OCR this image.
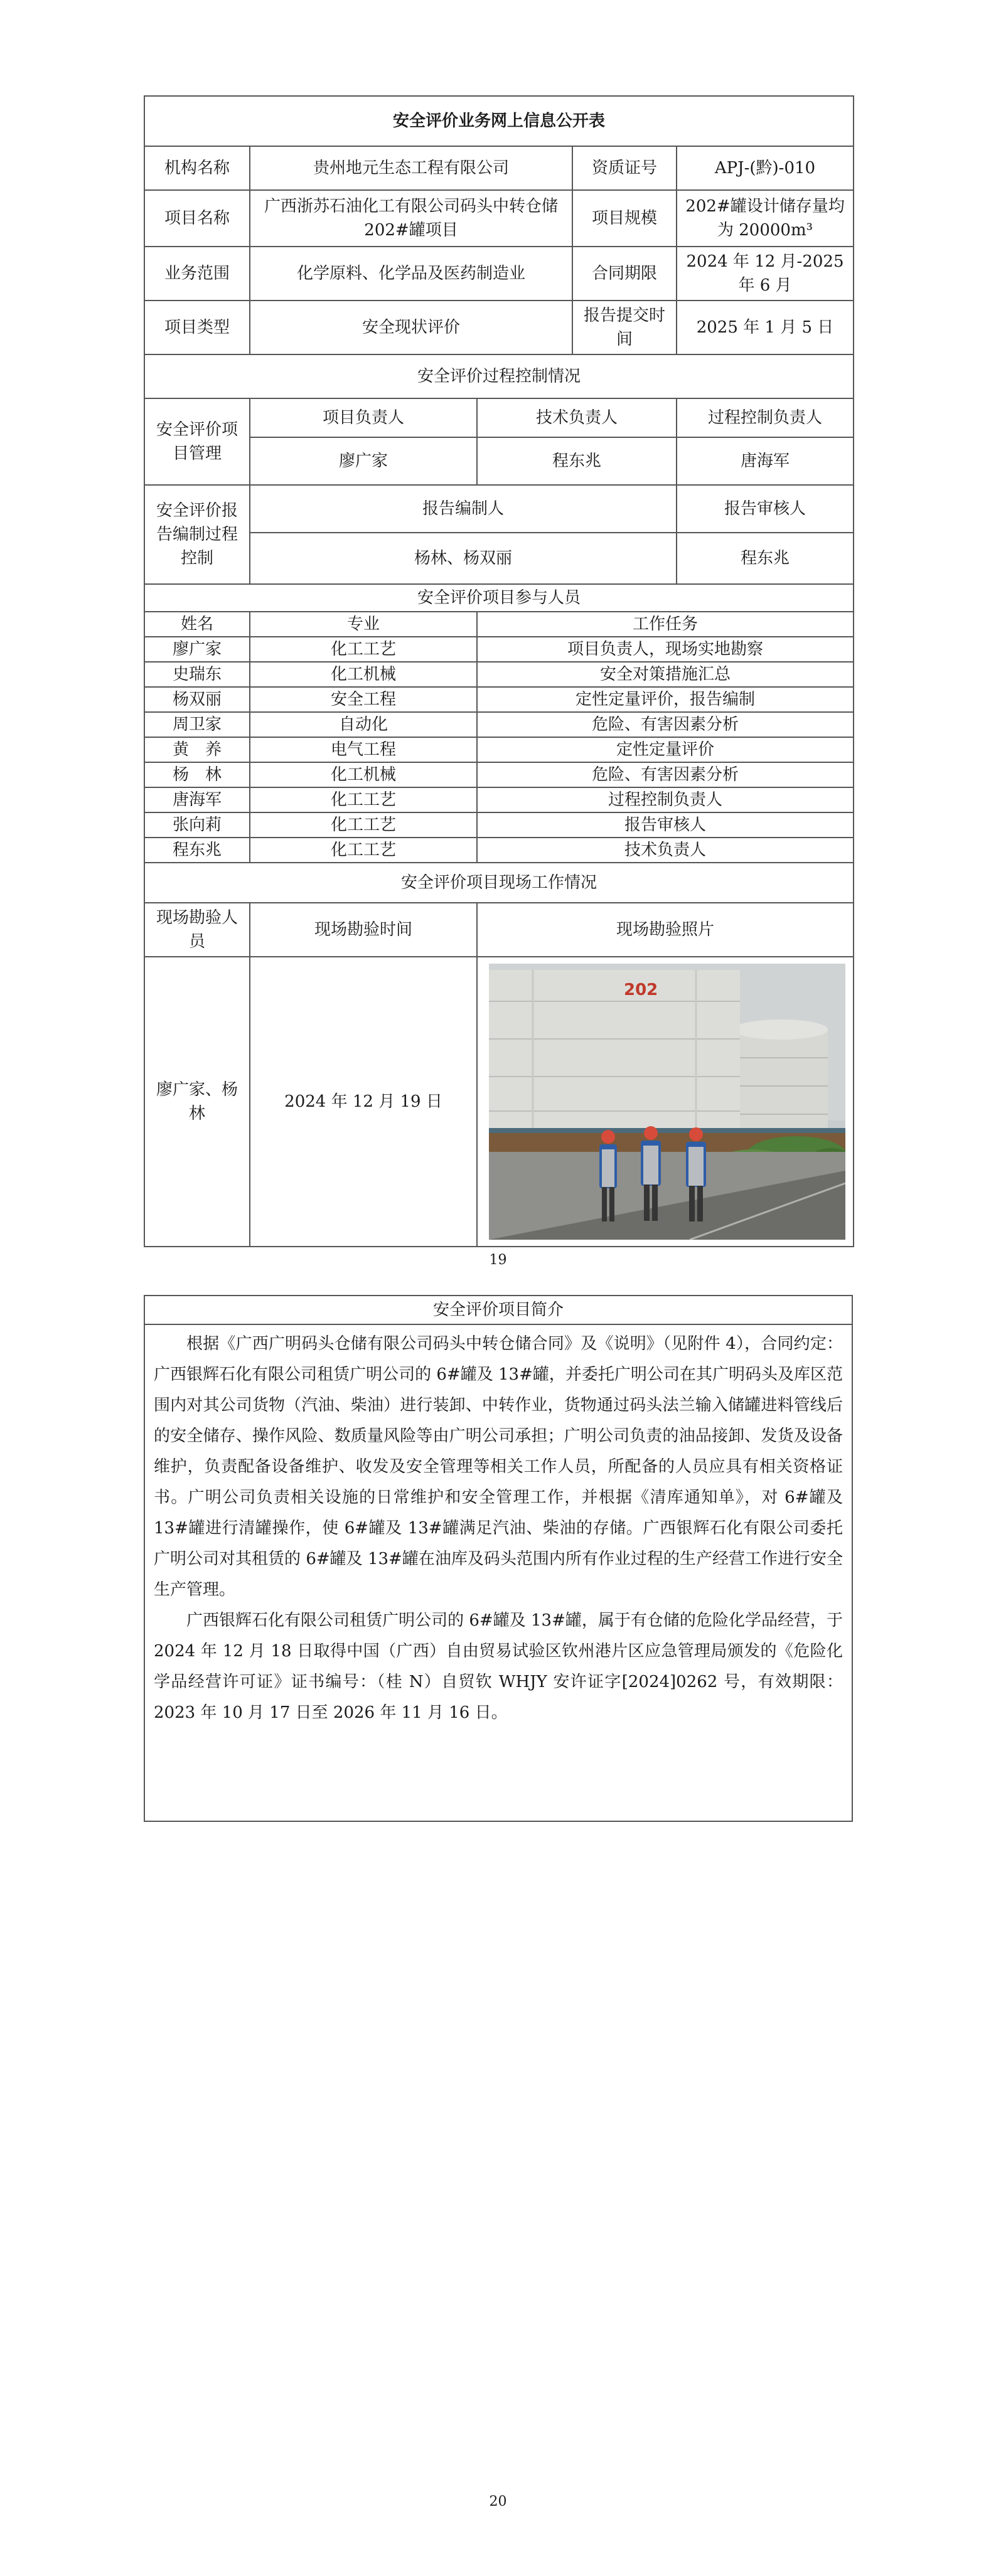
安全评价业务网上信息公开表				
机构名称	贵州地元生态工程有限公司		资质证号	APJ-(黔)-010
项目名称	广西浙苏石油化工有限公司码头中转仓储 202#罐项目		项目规模	202#罐设计储存量均为 20000m³
业务范围	化学原料、化学品及医药制造业		合同期限	2024 年 12 月-2025 年 6 月
项目类型	安全现状评价		报告提交时间	2025 年 1 月 5 日
安全评价过程控制情况				
安全评价项目管理	项目负责人	技术负责人		过程控制负责人
	廖广家	程东兆		唐海军
安全评价报告编制过程控制	报告编制人			报告审核人
	杨林、杨双丽			程东兆
安全评价项目参与人员				
姓名	专业	工作任务		
廖广家	化工工艺	项目负责人，现场实地勘察		
史瑞东	化工机械	安全对策措施汇总		
杨双丽	安全工程	定性定量评价，报告编制		
周卫家	自动化	危险、有害因素分析		
黄　养	电气工程	定性定量评价		
杨　林	化工机械	危险、有害因素分析		
唐海军	化工工艺	过程控制负责人		
张向莉	化工工艺	报告审核人		
程东兆	化工工艺	技术负责人		
安全评价项目现场工作情况				
现场勘验人员	现场勘验时间	现场勘验照片		
廖广家、杨林	2024 年 12 月 19 日	202		
19
安全评价项目简介

根据《广西广明码头仓储有限公司码头中转仓储合同》及《说明》（见附件 4），合同约定：广西银辉石化有限公司租赁广明公司的 6#罐及 13#罐，并委托广明公司在其广明码头及库区范围内对其公司货物（汽油、柴油）进行装卸、中转作业，货物通过码头法兰输入储罐进料管线后的安全储存、操作风险、数质量风险等由广明公司承担；广明公司负责的油品接卸、发货及设备维护，负责配备设备维护、收发及安全管理等相关工作人员，所配备的人员应具有相关资格证书。广明公司负责相关设施的日常维护和安全管理工作，并根据《清库通知单》，对 6#罐及 13#罐进行清罐操作，使 6#罐及 13#罐满足汽油、柴油的存储。广西银辉石化有限公司委托广明公司对其租赁的 6#罐及 13#罐在油库及码头范围内所有作业过程的生产经营工作进行安全生产管理。

广西银辉石化有限公司租赁广明公司的 6#罐及 13#罐，属于有仓储的危险化学品经营，于 2024 年 12 月 18 日取得中国（广西）自由贸易试验区钦州港片区应急管理局颁发的《危险化学品经营许可证》证书编号：（桂 N）自贸钦 WHJY 安许证字[2024]0262 号，有效期限：2023 年 10 月 17 日至 2026 年 11 月 16 日。

20
